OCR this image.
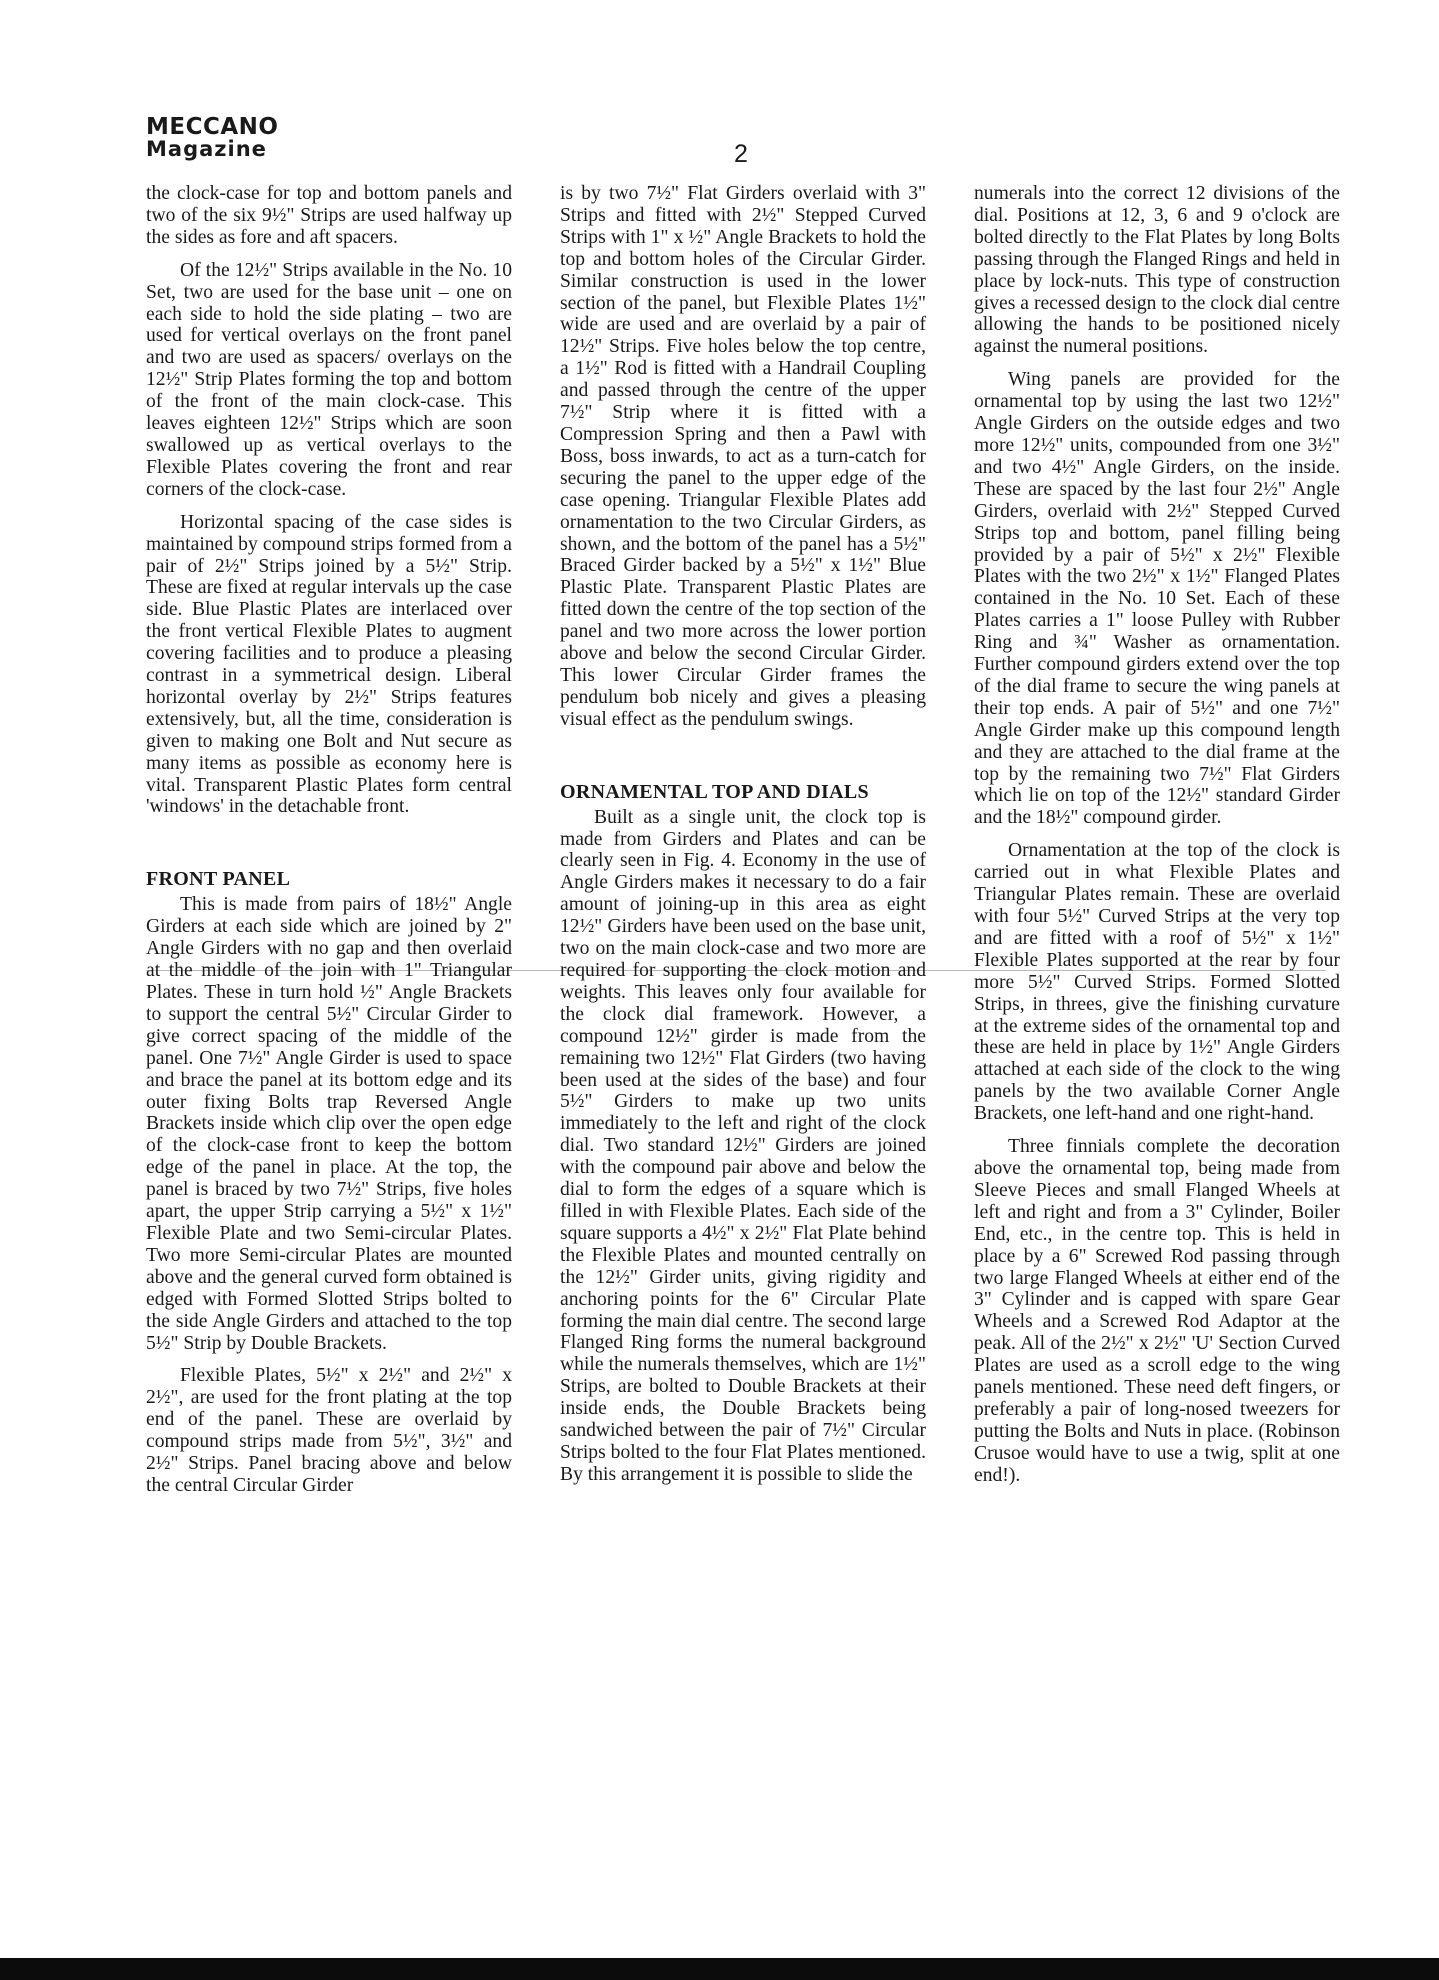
MECCANO
Magazine	2

the clock-case for top and bottom panels and two of the six 9½" Strips are used halfway up the sides as fore and aft spacers.

Of the 12½" Strips available in the No. 10 Set, two are used for the base unit – one on each side to hold the side plating – two are used for vertical overlays on the front panel and two are used as spacers/ overlays on the 12½" Strip Plates forming the top and bottom of the front of the main clock-case. This leaves eighteen 12½" Strips which are soon swallowed up as vertical overlays to the Flexible Plates covering the front and rear corners of the clock-case.

Horizontal spacing of the case sides is maintained by compound strips formed from a pair of 2½" Strips joined by a 5½" Strip. These are fixed at regular intervals up the case side. Blue Plastic Plates are interlaced over the front vertical Flexible Plates to augment covering facilities and to produce a pleasing contrast in a symmetrical design. Liberal horizontal overlay by 2½" Strips features extensively, but, all the time, consideration is given to making one Bolt and Nut secure as many items as possible as economy here is vital. Transparent Plastic Plates form central 'windows' in the detachable front.

FRONT PANEL

This is made from pairs of 18½" Angle Girders at each side which are joined by 2" Angle Girders with no gap and then overlaid at the middle of the join with 1" Triangular Plates. These in turn hold ½" Angle Brackets to support the central 5½" Circular Girder to give correct spacing of the middle of the panel. One 7½" Angle Girder is used to space and brace the panel at its bottom edge and its outer fixing Bolts trap Reversed Angle Brackets inside which clip over the open edge of the clock-case front to keep the bottom edge of the panel in place. At the top, the panel is braced by two 7½" Strips, five holes apart, the upper Strip carrying a 5½" x 1½" Flexible Plate and two Semi-circular Plates. Two more Semi-circular Plates are mounted above and the general curved form obtained is edged with Formed Slotted Strips bolted to the side Angle Girders and attached to the top 5½" Strip by Double Brackets.

Flexible Plates, 5½" x 2½" and 2½" x 2½", are used for the front plating at the top end of the panel. These are overlaid by compound strips made from 5½", 3½" and 2½" Strips. Panel bracing above and below the central Circular Girder

is by two 7½" Flat Girders overlaid with 3" Strips and fitted with 2½" Stepped Curved Strips with 1" x ½" Angle Brackets to hold the top and bottom holes of the Circular Girder. Similar construction is used in the lower section of the panel, but Flexible Plates 1½" wide are used and are overlaid by a pair of 12½" Strips. Five holes below the top centre, a 1½" Rod is fitted with a Handrail Coupling and passed through the centre of the upper 7½" Strip where it is fitted with a Compression Spring and then a Pawl with Boss, boss inwards, to act as a turn-catch for securing the panel to the upper edge of the case opening. Triangular Flexible Plates add ornamentation to the two Circular Girders, as shown, and the bottom of the panel has a 5½" Braced Girder backed by a 5½" x 1½" Blue Plastic Plate. Transparent Plastic Plates are fitted down the centre of the top section of the panel and two more across the lower portion above and below the second Circular Girder. This lower Circular Girder frames the pendulum bob nicely and gives a pleasing visual effect as the pendulum swings.

ORNAMENTAL TOP AND DIALS

Built as a single unit, the clock top is made from Girders and Plates and can be clearly seen in Fig. 4. Economy in the use of Angle Girders makes it necessary to do a fair amount of joining-up in this area as eight 12½" Girders have been used on the base unit, two on the main clock-case and two more are required for supporting the clock motion and weights. This leaves only four available for the clock dial framework. However, a compound 12½" girder is made from the remaining two 12½" Flat Girders (two having been used at the sides of the base) and four 5½" Girders to make up two units immediately to the left and right of the clock dial. Two standard 12½" Girders are joined with the compound pair above and below the dial to form the edges of a square which is filled in with Flexible Plates. Each side of the square supports a 4½" x 2½" Flat Plate behind the Flexible Plates and mounted centrally on the 12½" Girder units, giving rigidity and anchoring points for the 6" Circular Plate forming the main dial centre. The second large Flanged Ring forms the numeral background while the numerals themselves, which are 1½" Strips, are bolted to Double Brackets at their inside ends, the Double Brackets being sandwiched between the pair of 7½" Circular Strips bolted to the four Flat Plates mentioned. By this arrangement it is possible to slide the

numerals into the correct 12 divisions of the dial. Positions at 12, 3, 6 and 9 o'clock are bolted directly to the Flat Plates by long Bolts passing through the Flanged Rings and held in place by lock-nuts. This type of construction gives a recessed design to the clock dial centre allowing the hands to be positioned nicely against the numeral positions.

Wing panels are provided for the ornamental top by using the last two 12½" Angle Girders on the outside edges and two more 12½" units, compounded from one 3½" and two 4½" Angle Girders, on the inside. These are spaced by the last four 2½" Angle Girders, overlaid with 2½" Stepped Curved Strips top and bottom, panel filling being provided by a pair of 5½" x 2½" Flexible Plates with the two 2½" x 1½" Flanged Plates contained in the No. 10 Set. Each of these Plates carries a 1" loose Pulley with Rubber Ring and ¾" Washer as ornamentation. Further compound girders extend over the top of the dial frame to secure the wing panels at their top ends. A pair of 5½" and one 7½" Angle Girder make up this compound length and they are attached to the dial frame at the top by the remaining two 7½" Flat Girders which lie on top of the 12½" standard Girder and the 18½" compound girder.

Ornamentation at the top of the clock is carried out in what Flexible Plates and Triangular Plates remain. These are overlaid with four 5½" Curved Strips at the very top and are fitted with a roof of 5½" x 1½" Flexible Plates supported at the rear by four more 5½" Curved Strips. Formed Slotted Strips, in threes, give the finishing curvature at the extreme sides of the ornamental top and these are held in place by 1½" Angle Girders attached at each side of the clock to the wing panels by the two available Corner Angle Brackets, one left-hand and one right-hand.

Three finnials complete the decoration above the ornamental top, being made from Sleeve Pieces and small Flanged Wheels at left and right and from a 3" Cylinder, Boiler End, etc., in the centre top. This is held in place by a 6" Screwed Rod passing through two large Flanged Wheels at either end of the 3" Cylinder and is capped with spare Gear Wheels and a Screwed Rod Adaptor at the peak. All of the 2½" x 2½" 'U' Section Curved Plates are used as a scroll edge to the wing panels mentioned. These need deft fingers, or preferably a pair of long-nosed tweezers for putting the Bolts and Nuts in place. (Robinson Crusoe would have to use a twig, split at one end!).
